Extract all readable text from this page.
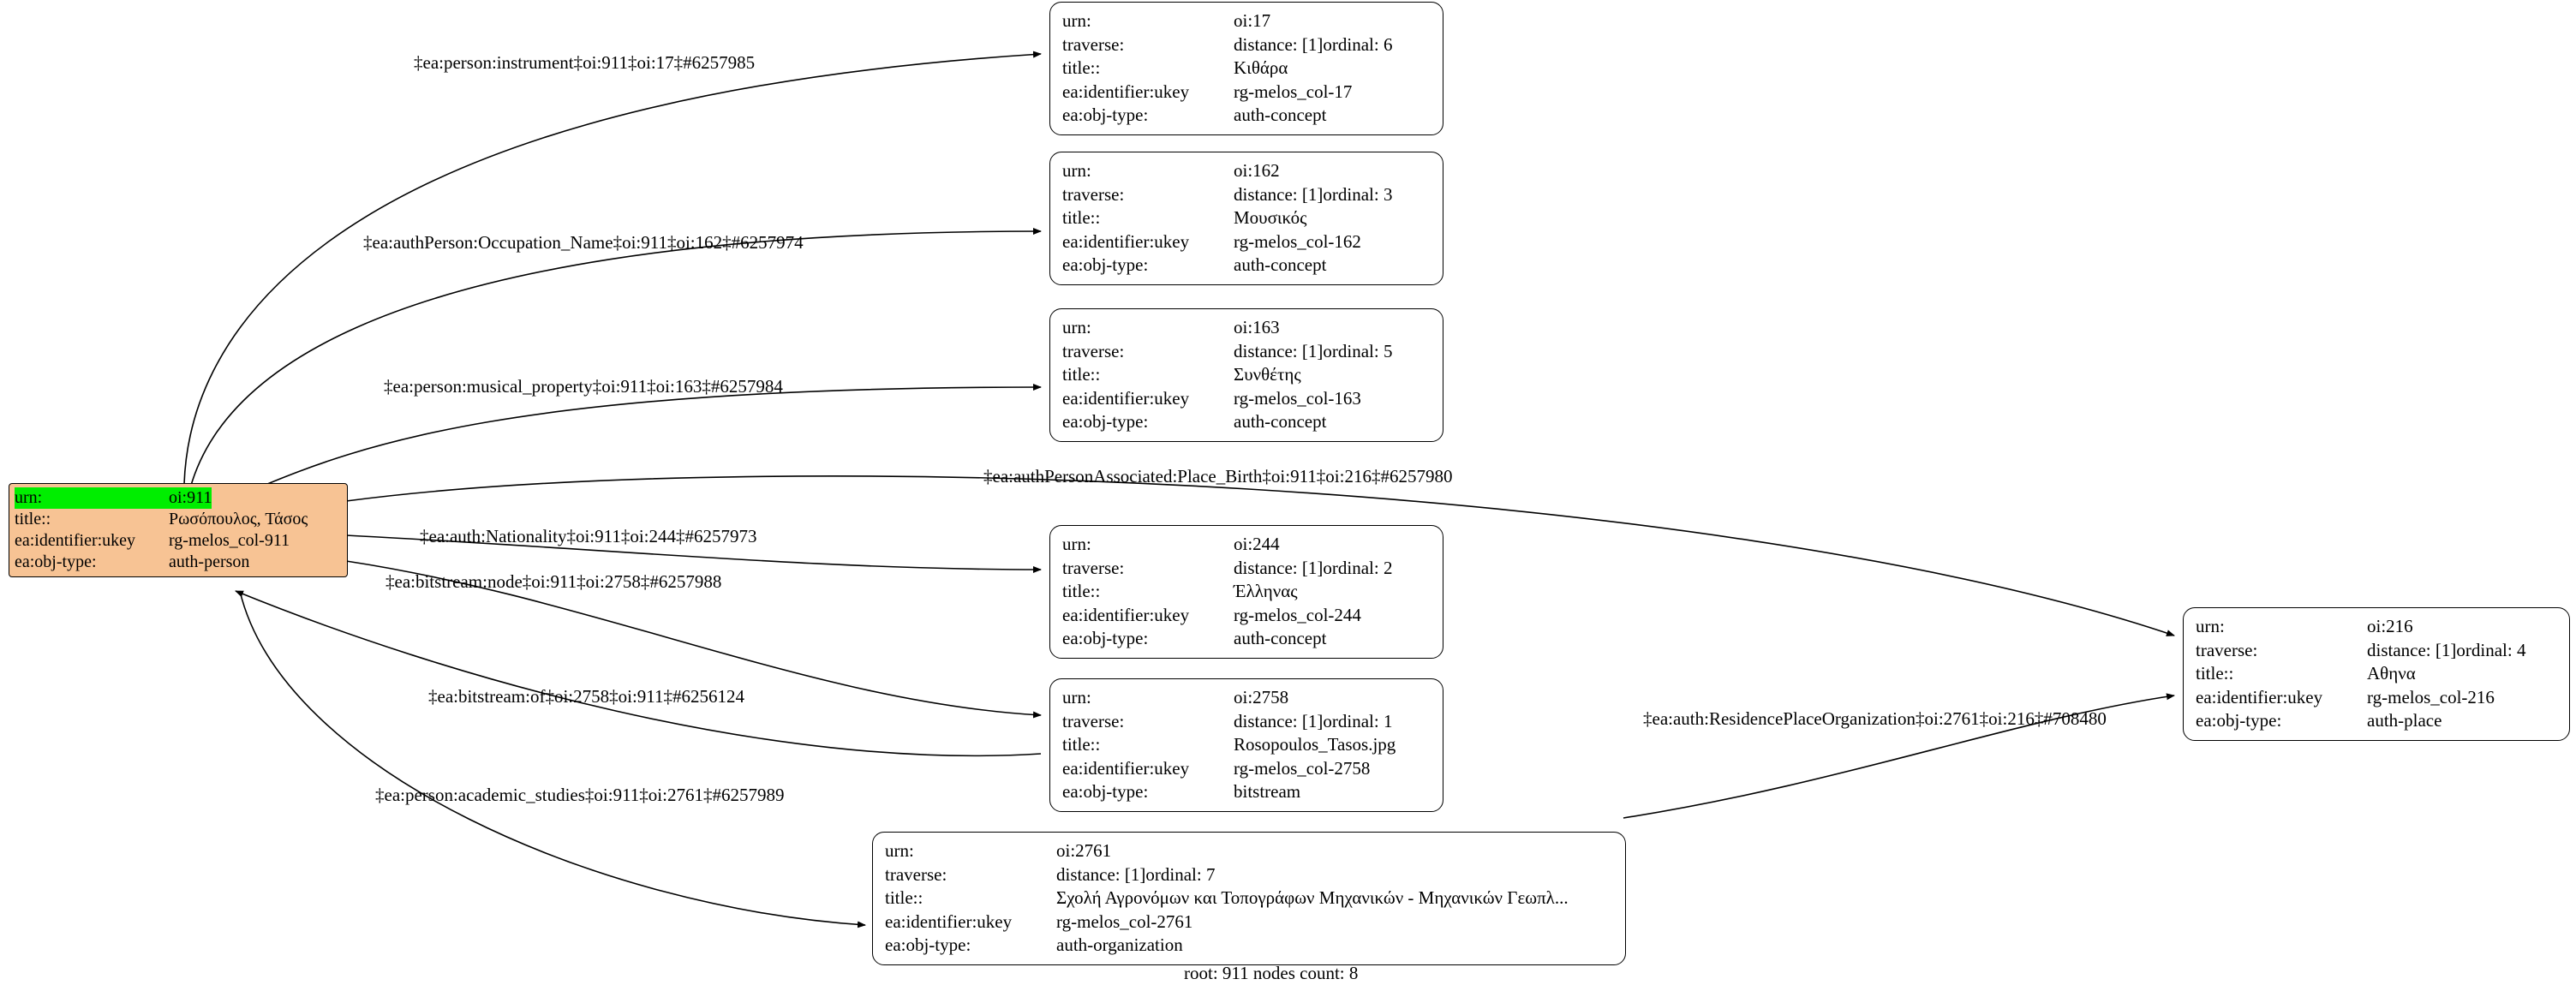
urn:	oi:911
title::	Ρωσόπουλος, Τάσος
ea:identifier:ukey	rg-melos_col-911
ea:obj-type:	auth-person
urn:	oi:17
traverse:	distance: [1] ordinal: 6
title::	Κιθάρα
ea:identifier:ukey	rg-melos_col-17
ea:obj-type:	auth-concept
urn:	oi:162
traverse:	distance: [1] ordinal: 3
title::	Μουσικός
ea:identifier:ukey	rg-melos_col-162
ea:obj-type:	auth-concept
urn:	oi:163
traverse:	distance: [1] ordinal: 5
title::	Συνθέτης
ea:identifier:ukey	rg-melos_col-163
ea:obj-type:	auth-concept
urn:	oi:244
traverse:	distance: [1] ordinal: 2
title::	Έλληνας
ea:identifier:ukey	rg-melos_col-244
ea:obj-type:	auth-concept
urn:	oi:2758
traverse:	distance: [1] ordinal: 1
title::	Rosopoulos_Tasos.jpg
ea:identifier:ukey	rg-melos_col-2758
ea:obj-type:	bitstream
urn:	oi:2761
traverse:	distance: [1] ordinal: 7
title::	Σχολή Αγρονόμων και Τοπογράφων Μηχανικών - Μηχανικών Γεωπλ...
ea:identifier:ukey	rg-melos_col-2761
ea:obj-type:	auth-organization
urn:	oi:216
traverse:	distance: [1] ordinal: 4
title::	Αθηνα
ea:identifier:ukey	rg-melos_col-216
ea:obj-type:	auth-place
‡ea:person:instrument‡oi:911‡oi:17‡#6257985
‡ea:authPerson:Occupation_Name‡oi:911‡oi:162‡#6257974
‡ea:person:musical_property‡oi:911‡oi:163‡#6257984
‡ea:authPersonAssociated:Place_Birth‡oi:911‡oi:216‡#6257980
‡ea:auth:Nationality‡oi:911‡oi:244‡#6257973
‡ea:bitstream:node‡oi:911‡oi:2758‡#6257988
‡ea:bitstream:of‡oi:2758‡oi:911‡#6256124
‡ea:person:academic_studies‡oi:911‡oi:2761‡#6257989
‡ea:auth:ResidencePlaceOrganization‡oi:2761‡oi:216‡#708480
root: 911 nodes count: 8
